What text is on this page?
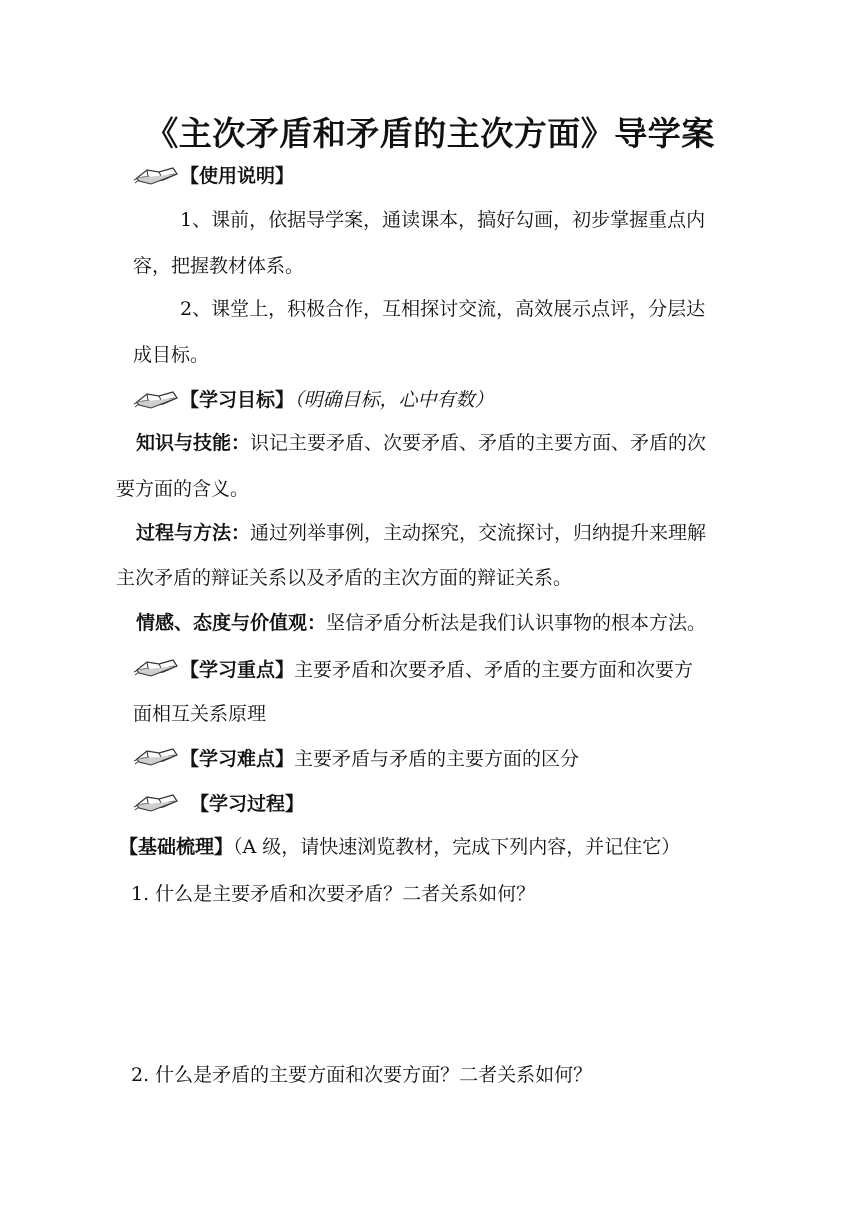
《主次矛盾和矛盾的主次方面》导学案
【使用说明】
1、课前，依据导学案，通读课本，搞好勾画，初步掌握重点内
容，把握教材体系。
2、课堂上，积极合作，互相探讨交流，高效展示点评，分层达
成目标。
【学习目标】（明确目标，心中有数）
知识与技能：识记主要矛盾、次要矛盾、矛盾的主要方面、矛盾的次
要方面的含义。
过程与方法：通过列举事例，主动探究，交流探讨，归纳提升来理解
主次矛盾的辩证关系以及矛盾的主次方面的辩证关系。
情感、态度与价值观：坚信矛盾分析法是我们认识事物的根本方法。
【学习重点】主要矛盾和次要矛盾、矛盾的主要方面和次要方
面相互关系原理
【学习难点】主要矛盾与矛盾的主要方面的区分
【学习过程】
【基础梳理】（A 级，请快速浏览教材，完成下列内容，并记住它）
1. 什么是主要矛盾和次要矛盾？二者关系如何？
2. 什么是矛盾的主要方面和次要方面？二者关系如何？
